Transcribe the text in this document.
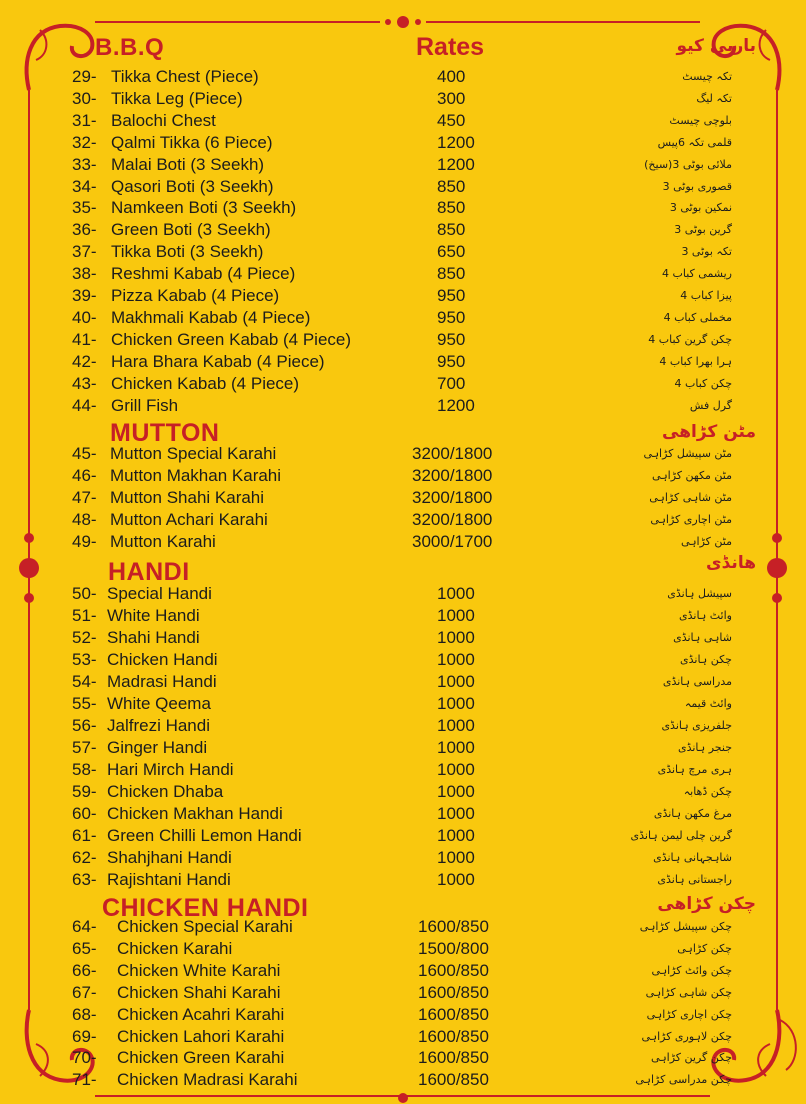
B.B.Q	Rates	باربی کیو
MUTTON	مٹن کڑاھی
HANDI	ھانڈی
CHICKEN HANDI	چکن کڑاھی
29- Tikka Chest (Piece)	400	تکہ چیسٹ
30- Tikka Leg (Piece)	300	تکہ لیگ
31- Balochi Chest	450	بلوچی چیسٹ
32- Qalmi Tikka (6 Piece)	1200	قلمی تکہ 6پیس
33- Malai Boti (3 Seekh)	1200	ملائی بوٹی 3(سیخ)
34- Qasori Boti (3 Seekh)	850	قصوری بوٹی 3
35- Namkeen Boti (3 Seekh)	850	نمکین بوٹی 3
36- Green Boti (3 Seekh)	850	گرین بوٹی 3
37- Tikka Boti (3 Seekh)	650	تکہ بوٹی 3
38- Reshmi Kabab (4 Piece)	850	ریشمی کباب 4
39- Pizza Kabab (4 Piece)	950	پیزا کباب 4
40- Makhmali Kabab (4 Piece)	950	مخملی کباب 4
41- Chicken Green Kabab (4 Piece)	950	چکن گرین کباب 4
42- Hara Bhara Kabab (4 Piece)	950	ہرا بھرا کباب 4
43- Chicken Kabab (4 Piece)	700	چکن کباب 4
44- Grill Fish	1200	گرل فش
45- Mutton Special Karahi	3200/1800	مٹن سپیشل کڑاہی
46- Mutton Makhan Karahi	3200/1800	مٹن مکھن کڑاہی
47- Mutton Shahi Karahi	3200/1800	مٹن شاہی کڑاہی
48- Mutton Achari Karahi	3200/1800	مٹن اچاری کڑاہی
49- Mutton Karahi	3000/1700	مٹن کڑاہی
50- Special Handi	1000	سپیشل ہانڈی
51- White Handi	1000	وائٹ ہانڈی
52- Shahi Handi	1000	شاہی ہانڈی
53- Chicken Handi	1000	چکن ہانڈی
54- Madrasi Handi	1000	مدراسی ہانڈی
55- White Qeema	1000	وائٹ قیمہ
56- Jalfrezi Handi	1000	جلفریزی ہانڈی
57- Ginger Handi	1000	جنجر ہانڈی
58- Hari Mirch Handi	1000	ہری مرچ ہانڈی
59- Chicken Dhaba	1000	چکن ڈھابہ
60- Chicken Makhan Handi	1000	مرغ مکھن ہانڈی
61- Green Chilli Lemon Handi	1000	گرین چلی لیمن ہانڈی
62- Shahjhani Handi	1000	شاہجہانی ہانڈی
63- Rajishtani Handi	1000	راجستانی ہانڈی
64- Chicken Special Karahi	1600/850	چکن سپیشل کڑاہی
65- Chicken Karahi	1500/800	چکن کڑاہی
66- Chicken White Karahi	1600/850	چکن وائٹ کڑاہی
67- Chicken Shahi Karahi	1600/850	چکن شاہی کڑاہی
68- Chicken Acahri Karahi	1600/850	چکن اچاری کڑاہی
69- Chicken Lahori Karahi	1600/850	چکن لاہوری کڑاہی
70- Chicken Green Karahi	1600/850	چکن گرین کڑاہی
71- Chicken Madrasi Karahi	1600/850	چکن مدراسی کڑاہی
